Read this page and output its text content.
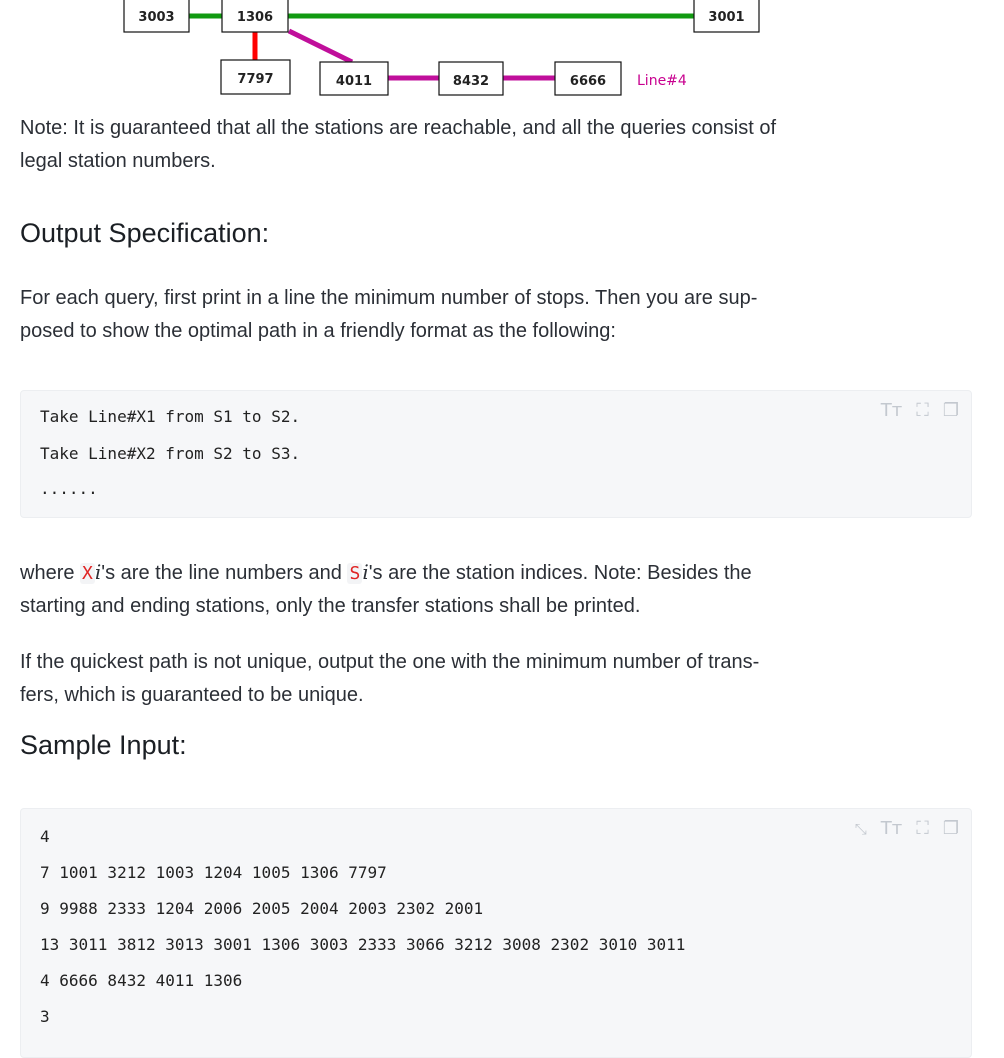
3003	1306	3001
7797	4011	8432	6666 Line#4

Note: It is guaranteed that all the stations are reachable, and all the queries consist of
legal station numbers.

Output Specification:

For each query, first print in a line the minimum number of stops. Then you are sup-
posed to show the optimal path in a friendly format as the following:

Tт ⛶ ❐
Take Line#X1 from S1 to S2.
Take Line#X2 from S2 to S3.
......

where X i's are the line numbers and S i's are the station indices. Note: Besides the
starting and ending stations, only the transfer stations shall be printed.

If the quickest path is not unique, output the one with the minimum number of trans-
fers, which is guaranteed to be unique.

Sample Input:
⤡ Tт ⛶ ❐
4
7 1001 3212 1003 1204 1005 1306 7797
9 9988 2333 1204 2006 2005 2004 2003 2302 2001
13 3011 3812 3013 3001 1306 3003 2333 3066 3212 3008 2302 3010 3011
4 6666 8432 4011 1306
3
